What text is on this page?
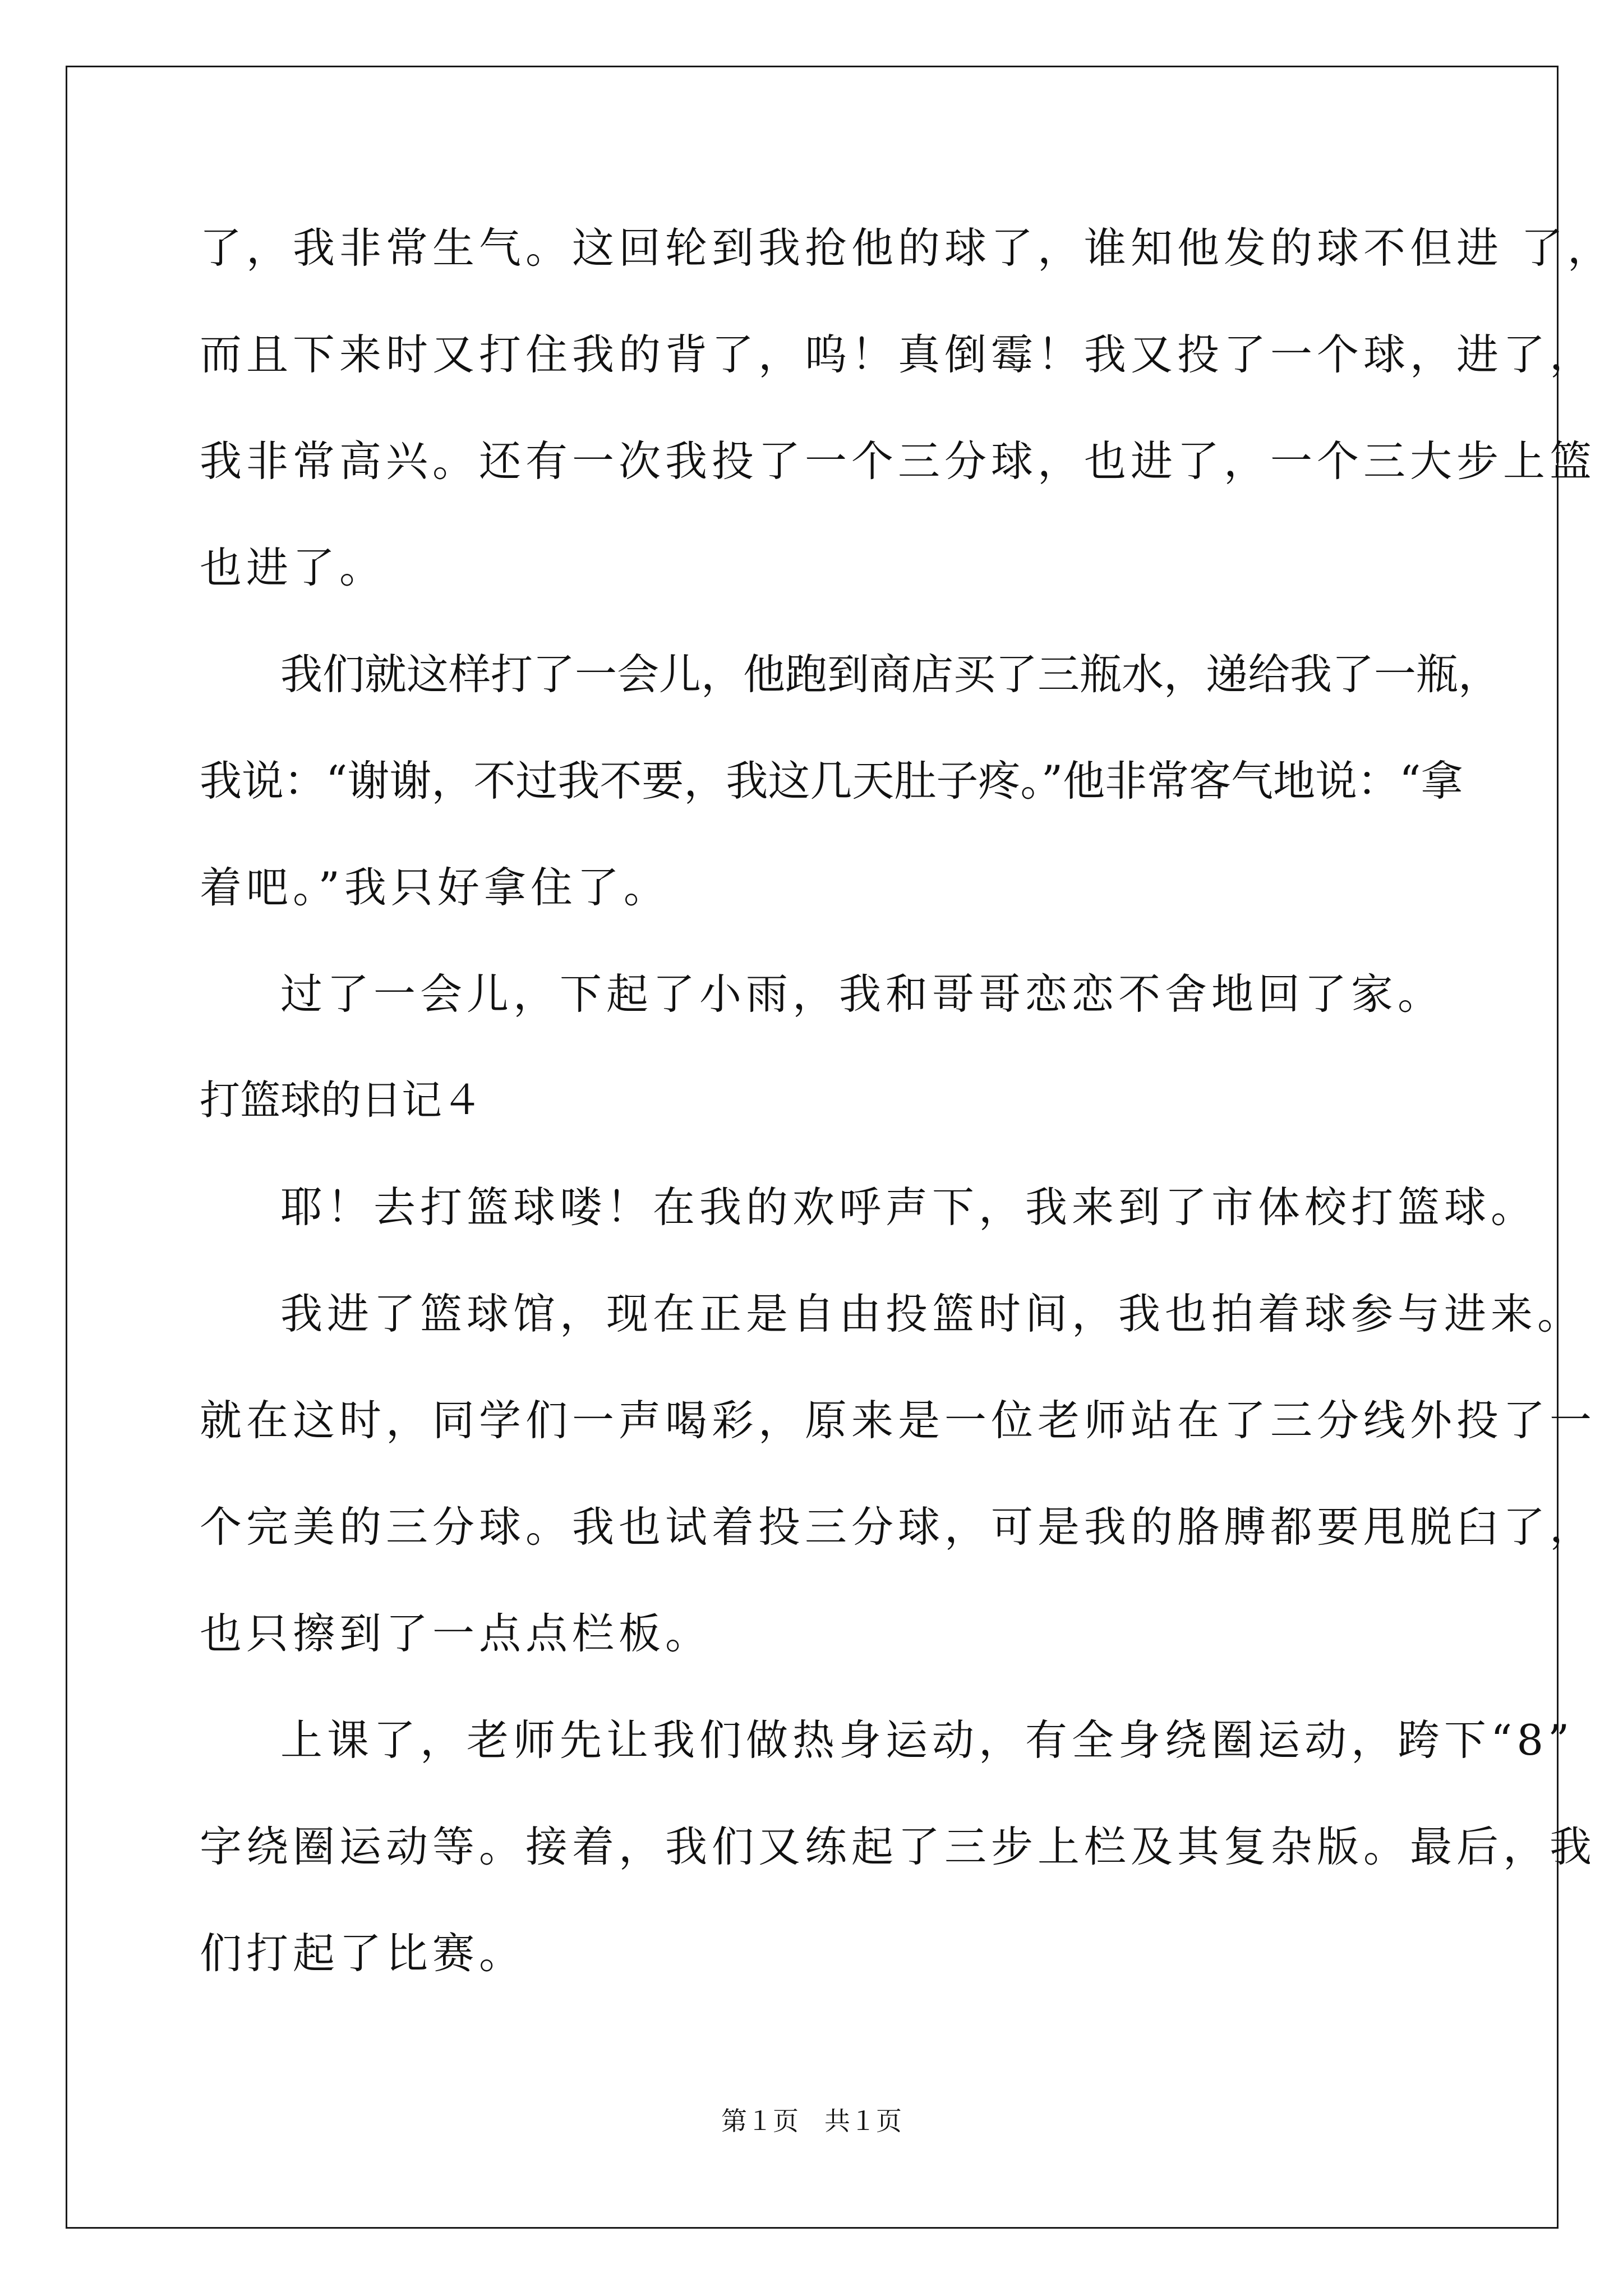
了，我非常生气。这回轮到我抢他的球了，谁知他发的球不但进 了，
而且下来时又打住我的背了，呜！真倒霉！我又投了一个球，进了，
我非常高兴。还有一次我投了一个三分球，也进了，一个三大步上篮
也进了。
我们就这样打了一会儿，他跑到商店买了三瓶水，递给我了一瓶，
我说：“谢谢，不过我不要，我这几天肚子疼。”他非常客气地说：“拿
着吧。”我只好拿住了。
过了一会儿，下起了小雨，我和哥哥恋恋不舍地回了家。
打篮球的日记４
耶！去打篮球喽！在我的欢呼声下，我来到了市体校打篮球。
我进了篮球馆，现在正是自由投篮时间，我也拍着球参与进来。
就在这时，同学们一声喝彩，原来是一位老师站在了三分线外投了一
个完美的三分球。我也试着投三分球，可是我的胳膊都要甩脱臼了，
也只擦到了一点点栏板。
上课了，老师先让我们做热身运动，有全身绕圈运动，跨下“8”
字绕圈运动等。接着，我们又练起了三步上栏及其复杂版。最后，我
们打起了比赛。
第１页　共１页
